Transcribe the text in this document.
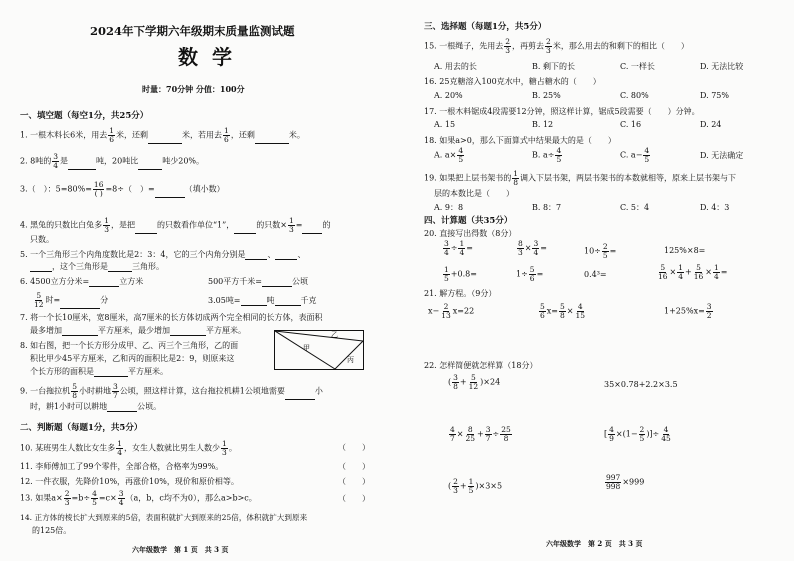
2024年下学期六年级期末质量监测试题
数学
时量：70分钟 分值：100分
一、填空题（每空1分，共25分）
1. 一根木料长6米，用去 $\frac{1}{6}$ 米，还剩	米，若用去 $\frac{1}{6}$ ，还剩	米。
2. 8吨的 $\frac{3}{4}$ 是	吨，20吨比	吨少20%。
3.（　）：$5=80\%= \frac{16}{( )} =8\div$（　）=	（填小数）
4. 黑兔的只数比白兔多 $\frac{1}{3}$ ，是把	的只数看作单位“1”，	的只数× $\frac{1}{3}$ =	的
只数。
5. 一个三角形三个内角度数比是2：3：4，它的三个内角分别是	、	、
，这个三角形是	三角形。
6. 4500立方分米=	立方米	500平方千米=	公顷
$\frac{5}{12}$ 时=	分	3.05吨=	吨	千克
7. 将一个长10厘米，宽8厘米，高7厘米的长方体切成两个完全相同的长方体，表面积
最多增加	平方厘米，最少增加	平方厘米。
8. 如右图，把一个长方形分成甲、乙、丙三个三角形，乙的面
积比甲少45平方厘米，乙和丙的面积比是2：9，则原来这
个长方形的面积是	平方厘米。
甲
乙
丙
9. 一台拖拉机 $\frac{5}{8}$ 小时耕地 $\frac{3}{7}$ 公顷，照这样计算，这台拖拉机耕1公顷地需要	小
时，耕1小时可以耕地	公顷。
二、判断题（每题1分，共5分）
10. 某班男生人数比女生多 $\frac{1}{4}$ ，女生人数就比男生人数少 $\frac{1}{3}$ 。	（　　）
11. 李师傅加工了99个零件，全部合格，合格率为99%。	（　　）
12. 一件衣服，先降价10%，再涨价10%，现价和原价相等。	（　　）
13. 如果$a\times \frac{2}{3} =b\div \frac{4}{5} =c\times \frac{3}{4} (a$，b，c均不为0），那么a>b>c。	（　　）
14. 正方体的棱长扩大到原来的5倍，表面积就扩大到原来的25倍，体积就扩大到原来
的125倍。
六年级数学　第 1 页　共 3 页
三、选择题（每题1分，共5分）
15. 一根绳子，先用去 $\frac{2}{3}$ ，再剪去 $\frac{2}{3}$ 米，那么用去的和剩下的相比（　　）
A. 用去的长	B. 剩下的长	C. 一样长	D. 无法比较
16. 25克糖溶入100克水中，糖占糖水的（　　）
A. 20%	B. 25%	C. 80%	D. 75%
17. 一根木料锯成4段需要12分钟，照这样计算，锯成5段需要（　　）分钟。
A. 15	B. 12	C. 16	D. 24
18. 如果a>0，那么下面算式中结果最大的是（　　）
A. $a\times \frac{4}{5}$	B. $a\div \frac{4}{5}$	C. $a- \frac{4}{5}$	D. 无法确定
19. 如果把上层书架书的 $\frac{1}{8}$ 调入下层书架，两层书架书的本数就相等，原来上层书架与下
层的本数比是（　　）
A. 9：8	B. 8：7	C. 5：4	D. 4：3
四、计算题（共35分）
20. 直接写出得数（8分）
$\frac{3}{4} \div \frac{1}{4}$ =	$\frac{8}{3} \times \frac{3}{4}$ =	$10\div \frac{2}{5}$ =	125%×8=
$\frac{1}{5} +0.8=$	$1\div \frac{5}{6}$ =	0.4³=	$\frac{5}{16} \times \frac{1}{4} + \frac{5}{16} \times \frac{1}{4}$ =
21. 解方程。（9分）
$x- \frac{2}{13} x=22$	$\frac{5}{6} x= \frac{5}{8} \times \frac{4}{15}$	$1+25\%x= \frac{3}{2}$
22. 怎样简便就怎样算（18分）
( $\frac{3}{8} + \frac{5}{12} )\times 24$	35×0.78+2.2×3.5
$\frac{4}{7} \times \frac{8}{25} + \frac{3}{7} \div \frac{25}{8}$	[ $\frac{4}{9} \times(1- \frac{2}{5}$ )]÷ $\frac{4}{45}$
( $\frac{2}{3} + \frac{1}{5} )\times 3\times 5$	$\frac{997}{998} \times 999$
六年级数学　第 2 页　共 3 页
